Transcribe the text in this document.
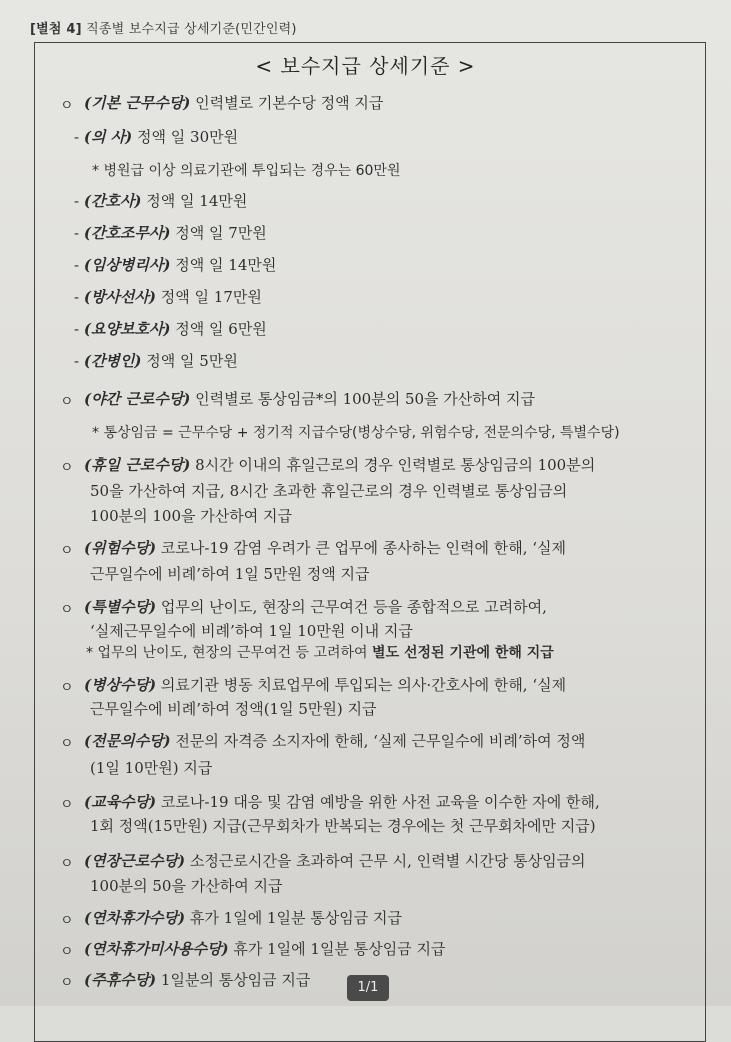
[별첨 4] 직종별 보수지급 상세기준(민간인력)
< 보수지급 상세기준 >
ㅇ (기본 근무수당) 인력별로 기본수당 정액 지급
- (의 사) 정액 일 30만원
* 병원급 이상 의료기관에 투입되는 경우는 60만원
- (간호사) 정액 일 14만원
- (간호조무사) 정액 일 7만원
- (임상병리사) 정액 일 14만원
- (방사선사) 정액 일 17만원
- (요양보호사) 정액 일 6만원
- (간병인) 정액 일 5만원
ㅇ (야간 근로수당) 인력별로 통상임금*의 100분의 50을 가산하여 지급
* 통상임금 = 근무수당 + 정기적 지급수당(병상수당, 위험수당, 전문의수당, 특별수당)
ㅇ (휴일 근로수당) 8시간 이내의 휴일근로의 경우 인력별로 통상임금의 100분의
50을 가산하여 지급, 8시간 초과한 휴일근로의 경우 인력별로 통상임금의
100분의 100을 가산하여 지급
ㅇ (위험수당) 코로나-19 감염 우려가 큰 업무에 종사하는 인력에 한해, ‘실제
근무일수에 비례’하여 1일 5만원 정액 지급
ㅇ (특별수당) 업무의 난이도, 현장의 근무여건 등을 종합적으로 고려하여,
‘실제근무일수에 비례’하여 1일 10만원 이내 지급
* 업무의 난이도, 현장의 근무여건 등 고려하여 별도 선정된 기관에 한해 지급
ㅇ (병상수당) 의료기관 병동 치료업무에 투입되는 의사·간호사에 한해, ‘실제
근무일수에 비례’하여 정액(1일 5만원) 지급
ㅇ (전문의수당) 전문의 자격증 소지자에 한해, ‘실제 근무일수에 비례’하여 정액
(1일 10만원) 지급
ㅇ (교육수당) 코로나-19 대응 및 감염 예방을 위한 사전 교육을 이수한 자에 한해,
1회 정액(15만원) 지급(근무회차가 반복되는 경우에는 첫 근무회차에만 지급)
ㅇ (연장근로수당) 소정근로시간을 초과하여 근무 시, 인력별 시간당 통상임금의
100분의 50을 가산하여 지급
ㅇ (연차휴가수당) 휴가 1일에 1일분 통상임금 지급
ㅇ (연차휴가미사용수당) 휴가 1일에 1일분 통상임금 지급
ㅇ (주휴수당) 1일분의 통상임금 지급	1/1
